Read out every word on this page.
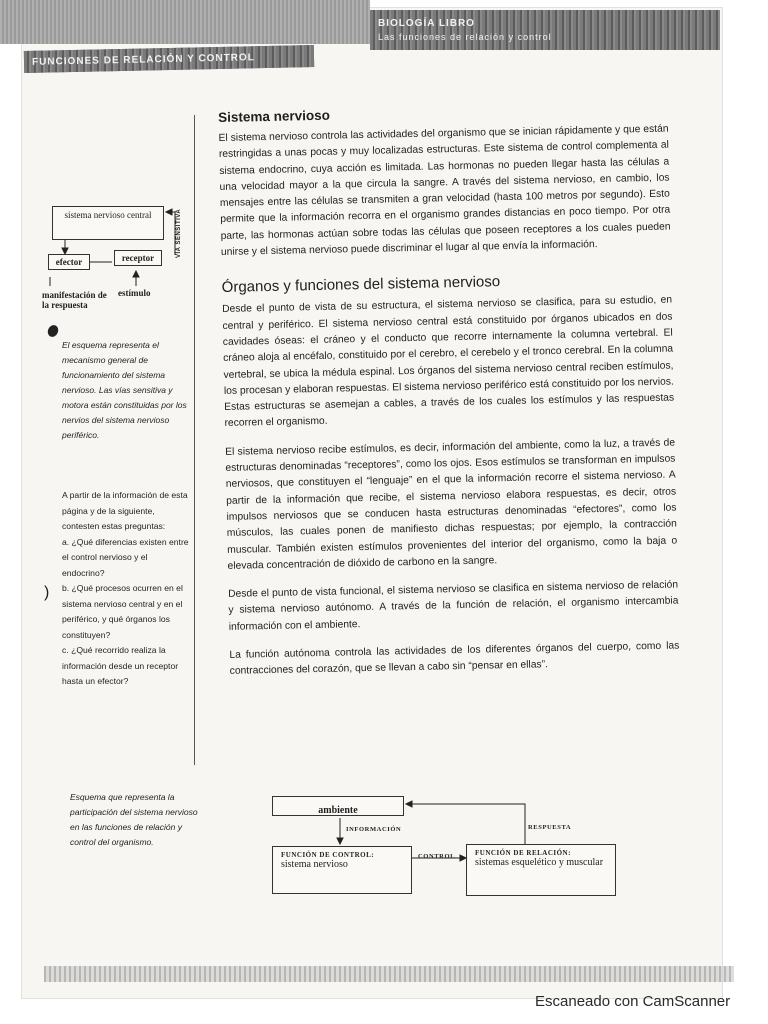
FUNCIONES DE RELACIÓN Y CONTROL
BIOLOGÍA LIBRO
Las funciones de relación y control
Sistema nervioso

El sistema nervioso controla las actividades del organismo que se inician rápidamente y que están restringidas a unas pocas y muy localizadas estructuras. Este sistema de control complementa al sistema endocrino, cuya acción es limitada. Las hormonas no pueden llegar hasta las células a una velocidad mayor a la que circula la sangre. A través del sistema nervioso, en cambio, los mensajes entre las células se transmiten a gran velocidad (hasta 100 metros por segundo). Esto permite que la información recorra en el organismo grandes distancias en poco tiempo. Por otra parte, las hormonas actúan sobre todas las células que poseen receptores a los cuales pueden unirse y el sistema nervioso puede discriminar el lugar al que envía la información.

Órganos y funciones del sistema nervioso

Desde el punto de vista de su estructura, el sistema nervioso se clasifica, para su estudio, en central y periférico. El sistema nervioso central está constituido por órganos ubicados en dos cavidades óseas: el cráneo y el conducto que recorre internamente la columna vertebral. El cráneo aloja al encéfalo, constituido por el cerebro, el cerebelo y el tronco cerebral. En la columna vertebral, se ubica la médula espinal. Los órganos del sistema nervioso central reciben estímulos, los procesan y elaboran respuestas. El sistema nervioso periférico está constituido por los nervios. Estas estructuras se asemejan a cables, a través de los cuales los estímulos y las respuestas recorren el organismo.

El sistema nervioso recibe estímulos, es decir, información del ambiente, como la luz, a través de estructuras denominadas “receptores”, como los ojos. Esos estímulos se transforman en impulsos nerviosos, que constituyen el “lenguaje” en el que la información recorre el sistema nervioso. A partir de la información que recibe, el sistema nervioso elabora respuestas, es decir, otros impulsos nerviosos que se conducen hasta estructuras denominadas “efectores”, como los músculos, las cuales ponen de manifiesto dichas respuestas; por ejemplo, la contracción muscular. También existen estímulos provenientes del interior del organismo, como la baja o elevada concentración de dióxido de carbono en la sangre.

Desde el punto de vista funcional, el sistema nervioso se clasifica en sistema nervioso de relación y sistema nervioso autónomo. A través de la función de relación, el organismo intercambia información con el ambiente.

La función autónoma controla las actividades de los diferentes órganos del cuerpo, como las contracciones del corazón, que se llevan a cabo sin “pensar en ellas”.

sistema nervioso central
efector	receptor	VÍA SENSITIVA
manifestación de la respuesta
estímulo
El esquema representa el mecanismo general de funcionamiento del sistema nervioso. Las vías sensitiva y motora están constituidas por los nervios del sistema nervioso periférico.
A partir de la información de esta página y de la siguiente, contesten estas preguntas:
a. ¿Qué diferencias existen entre el control nervioso y el endocrino?
b. ¿Qué procesos ocurren en el sistema nervioso central y en el periférico, y qué órganos los constituyen?
c. ¿Qué recorrido realiza la información desde un receptor hasta un efector?
)
Esquema que representa la participación del sistema nervioso en las funciones de relación y control del organismo.
ambiente
FUNCIÓN DE CONTROL:
sistema nervioso
FUNCIÓN DE RELACIÓN:
sistemas esquelético y muscular
INFORMACIÓN	RESPUESTA
CONTROL
Escaneado con CamScanner
